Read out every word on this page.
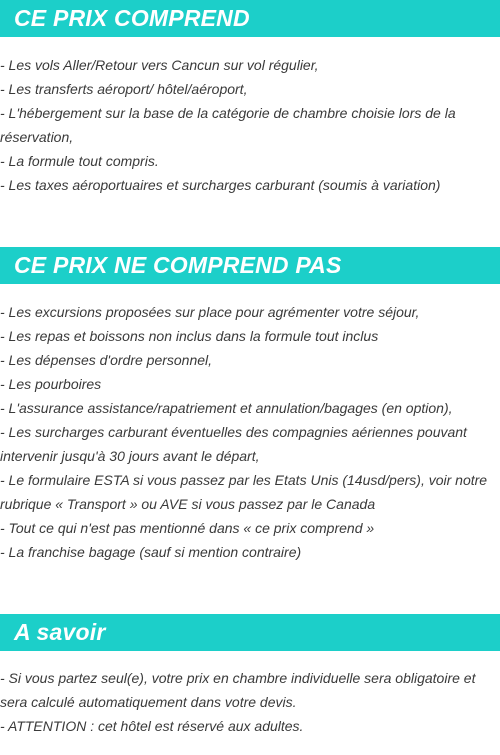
CE PRIX COMPREND
- Les vols Aller/Retour vers Cancun sur vol régulier,
- Les transferts aéroport/ hôtel/aéroport,
- L'hébergement sur la base de la catégorie de chambre choisie lors de la réservation,
- La formule tout compris.
- Les taxes aéroportuaires et surcharges carburant (soumis à variation)
CE PRIX NE COMPREND PAS
- Les excursions proposées sur place pour agrémenter votre séjour,
- Les repas et boissons non inclus dans la formule tout inclus
- Les dépenses d'ordre personnel,
- Les pourboires
- L'assurance assistance/rapatriement et annulation/bagages (en option),
- Les surcharges carburant éventuelles des compagnies aériennes pouvant intervenir jusqu'à 30 jours avant le départ,
- Le formulaire ESTA si vous passez par les Etats Unis (14usd/pers), voir notre rubrique « Transport » ou AVE si vous passez par le Canada
- Tout ce qui n'est pas mentionné dans « ce prix comprend »
- La franchise bagage (sauf si mention contraire)
A savoir
- Si vous partez seul(e), votre prix en chambre individuelle sera obligatoire et sera calculé automatiquement dans votre devis.
- ATTENTION : cet hôtel est réservé aux adultes.
